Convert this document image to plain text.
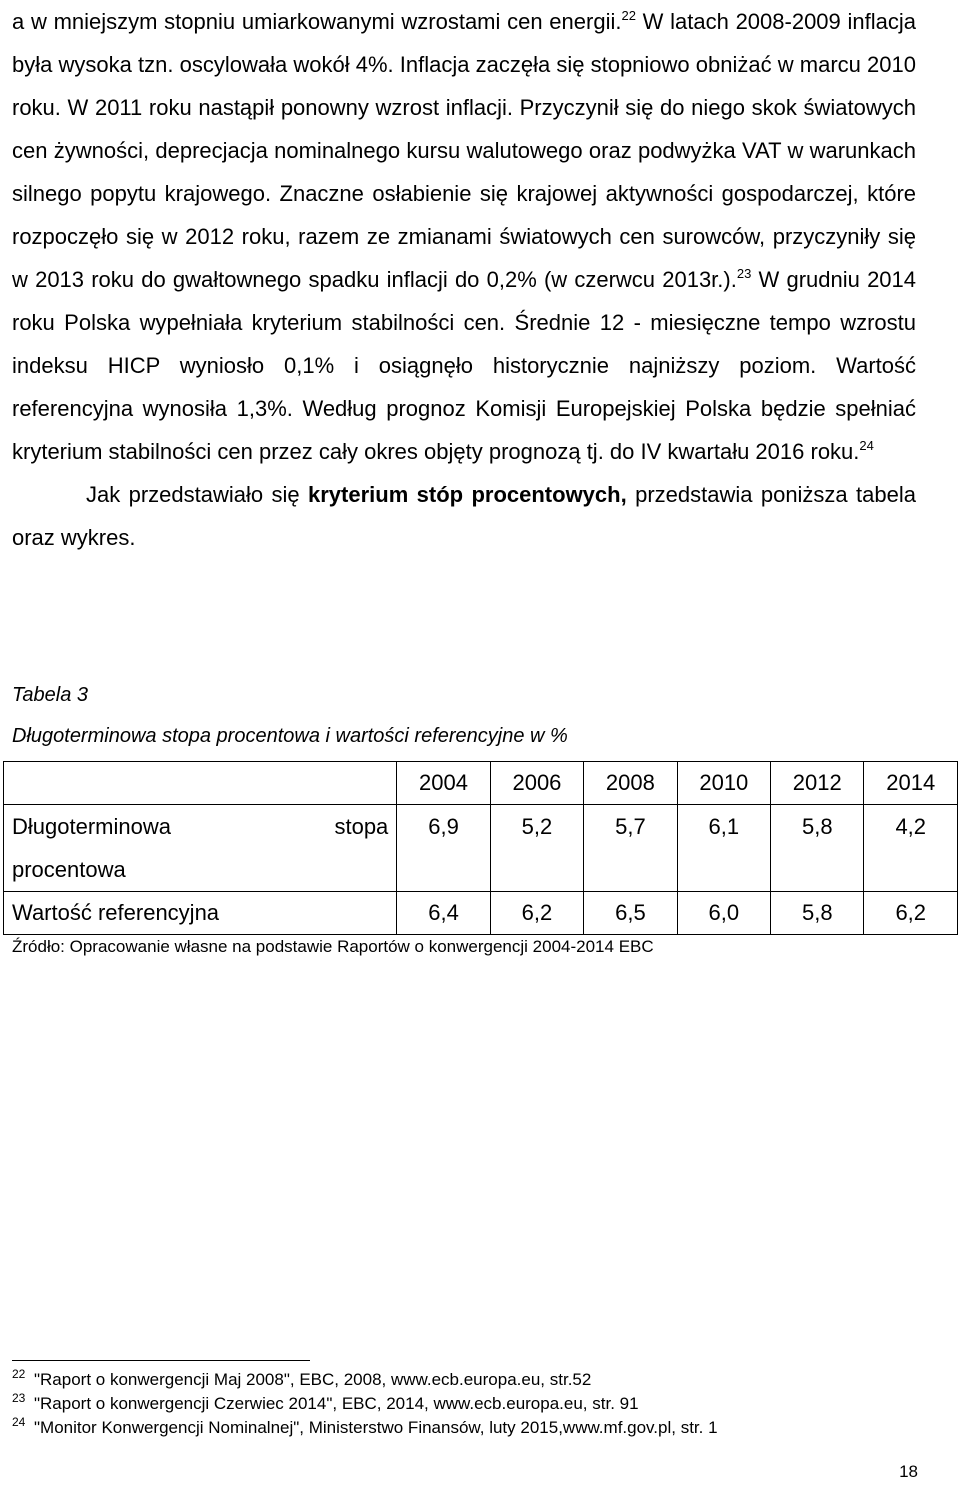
a w mniejszym stopniu umiarkowanymi wzrostami cen energii.$^{22}$ W latach 2008-2009 inflacja była wysoka tzn. oscylowała wokół 4%. Inflacja zaczęła się stopniowo obniżać w marcu 2010 roku. W 2011 roku nastąpił ponowny wzrost inflacji. Przyczynił się do niego skok światowych cen żywności, deprecjacja nominalnego kursu walutowego oraz podwyżka VAT w warunkach silnego popytu krajowego. Znaczne osłabienie się krajowej aktywności gospodarczej, które rozpoczęło się w 2012 roku, razem ze zmianami światowych cen surowców, przyczyniły się w 2013 roku do gwałtownego spadku inflacji do 0,2% (w czerwcu 2013r.).$^{23}$ W grudniu 2014 roku Polska wypełniała kryterium stabilności cen. Średnie 12 - miesięczne tempo wzrostu indeksu HICP wyniosło 0,1% i osiągnęło historycznie najniższy poziom. Wartość referencyjna wynosiła 1,3%. Według prognoz Komisji Europejskiej Polska będzie spełniać kryterium stabilności cen przez cały okres objęty prognozą tj. do IV kwartału 2016 roku.$^{24}$

Jak przedstawiało się kryterium stóp procentowych, przedstawia poniższa tabela oraz wykres.

Tabela 3
Długoterminowa stopa procentowa i wartości referencyjne w %
	2004	2006	2008	2010	2012	2014

Długoterminowa stopa
procentowa	6,9	5,2	5,7	6,1	5,8	4,2
Wartość referencyjna	6,4	6,2	6,5	6,0	5,8	6,2
Źródło: Opracowanie własne na podstawie Raportów o konwergencji 2004-2014 EBC
22 "Raport o konwergencji Maj 2008", EBC, 2008, www.ecb.europa.eu, str.52
23 "Raport o konwergencji Czerwiec 2014", EBC, 2014, www.ecb.europa.eu, str. 91
24 "Monitor Konwergencji Nominalnej", Ministerstwo Finansów, luty 2015,www.mf.gov.pl, str. 1
18
